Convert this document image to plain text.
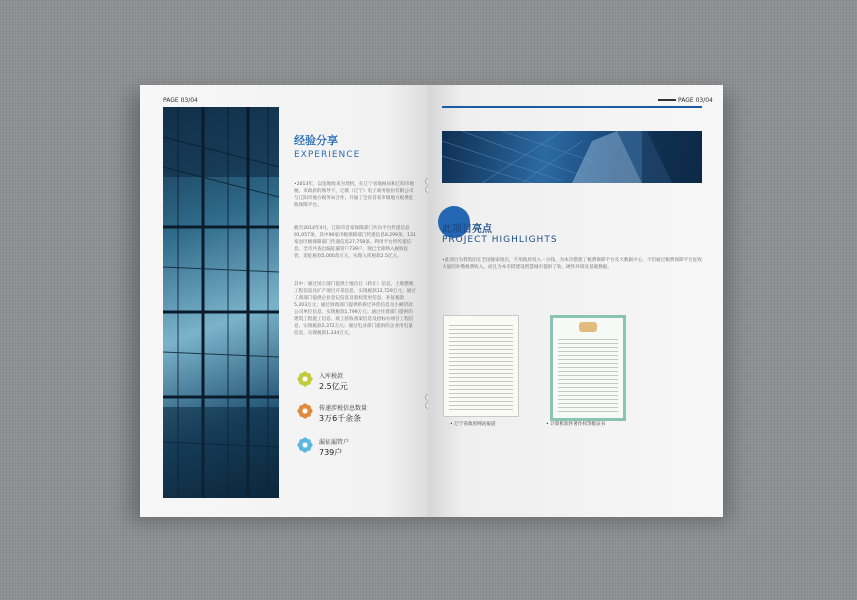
PAGE 03/04
经验分享
EXPERIENCE
•2013年，以征地收来为契机，在辽宁省地税局和辽阳市地税、市政府的领导下，辽联（辽宁）电子商务股份有限公司与辽阳市地方税务局合作，开通了全省首家市级地方税费征收保障平台。
截至2014年4月，辽阳市首家保障部门共向平台传递信息91,057条，其中96家市级保障部门传递信息8,299条，131家县区级保障部门传递信息27,758条。利用平台所传递信息，全市共查出漏征漏管户739户，现已全部纳入税收征管，追征税款5,000余万元，实现入库税款2.5亿元。
其中：通过国土部门提供土地出让（转让）信息、土地整理工程信息及扩产项目开采信息，实现税款12,729万元；通过工商部门提供企业登记信息及股权变更信息，补征税款5,203万元；通过财政部门提供的拆迁补偿信息及小额贷款公司单位信息，实现税款1,799万元；通过住建部门提供的建筑工程施工信息、竣工验收备案信息及招标办项目工程信息，实现税款2,372万元；通过电业部门提供的企业用电量信息，实现税款1,334万元。
入库税款
2.5亿元
传递涉税信息数量
3万6千余条
漏征漏管户
739户
PAGE 03/04
此项目亮点
PROJECT HIGHLIGHTS
•此项目为我集团在全国独家推出，不用政府投入一分钱，为本市搭建了税费保障平台及大数据中心，不但通过税费保障平台征收大量的补缴税费收入，而且为本市搭建设智慧城市提供了软、硬件环境及基础数据。
• 辽宁省政府网站报道	• 计算机软件著作权等级证书
